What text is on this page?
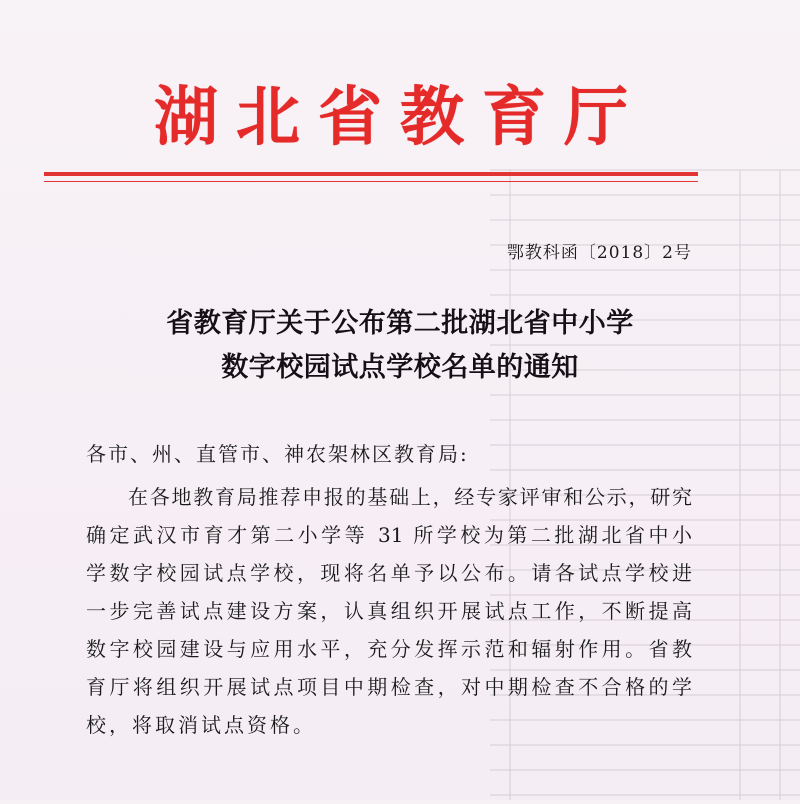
湖北省教育厅
鄂教科函〔2018〕2号
省教育厅关于公布第二批湖北省中小学
数字校园试点学校名单的通知
各市、州、直管市、神农架林区教育局:
在各地教育局推荐申报的基础上，经专家评审和公示，研究
确定武汉市育才第二小学等 31 所学校为第二批湖北省中小
学数字校园试点学校，现将名单予以公布。请各试点学校进
一步完善试点建设方案，认真组织开展试点工作，不断提高
数字校园建设与应用水平，充分发挥示范和辐射作用。省教
育厅将组织开展试点项目中期检查，对中期检查不合格的学
校，将取消试点资格。
